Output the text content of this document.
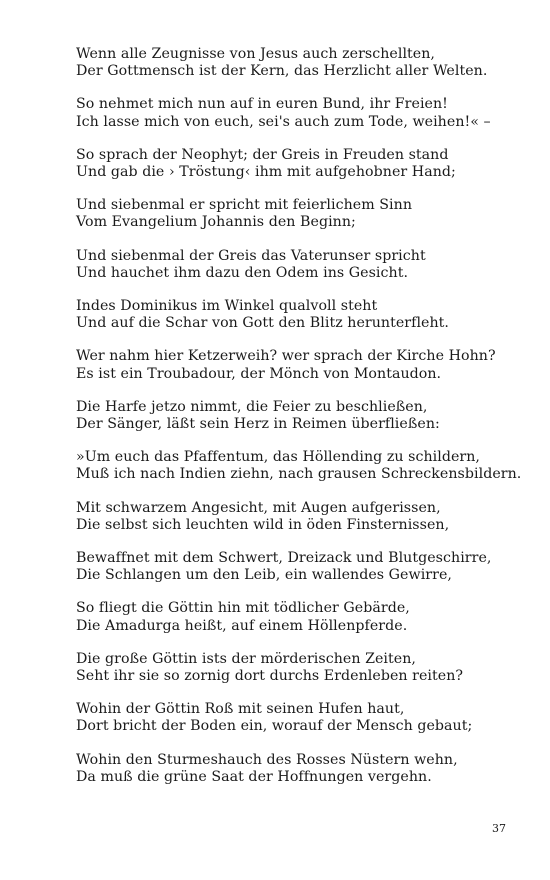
Wenn alle Zeugnisse von Jesus auch zerschellten,
Der Gottmensch ist der Kern, das Herzlicht aller Welten.
So nehmet mich nun auf in euren Bund, ihr Freien!
Ich lasse mich von euch, sei's auch zum Tode, weihen!« –
So sprach der Neophyt; der Greis in Freuden stand
Und gab die › Tröstung‹ ihm mit aufgehobner Hand;
Und siebenmal er spricht mit feierlichem Sinn
Vom Evangelium Johannis den Beginn;
Und siebenmal der Greis das Vaterunser spricht
Und hauchet ihm dazu den Odem ins Gesicht.
Indes Dominikus im Winkel qualvoll steht
Und auf die Schar von Gott den Blitz herunterfleht.
Wer nahm hier Ketzerweih? wer sprach der Kirche Hohn?
Es ist ein Troubadour, der Mönch von Montaudon.
Die Harfe jetzo nimmt, die Feier zu beschließen,
Der Sänger, läßt sein Herz in Reimen überfließen:
»Um euch das Pfaffentum, das Höllending zu schildern,
Muß ich nach Indien ziehn, nach grausen Schreckensbildern.
Mit schwarzem Angesicht, mit Augen aufgerissen,
Die selbst sich leuchten wild in öden Finsternissen,
Bewaffnet mit dem Schwert, Dreizack und Blutgeschirre,
Die Schlangen um den Leib, ein wallendes Gewirre,
So fliegt die Göttin hin mit tödlicher Gebärde,
Die Amadurga heißt, auf einem Höllenpferde.
Die große Göttin ists der mörderischen Zeiten,
Seht ihr sie so zornig dort durchs Erdenleben reiten?
Wohin der Göttin Roß mit seinen Hufen haut,
Dort bricht der Boden ein, worauf der Mensch gebaut;
Wohin den Sturmeshauch des Rosses Nüstern wehn,
Da muß die grüne Saat der Hoffnungen vergehn.
37
